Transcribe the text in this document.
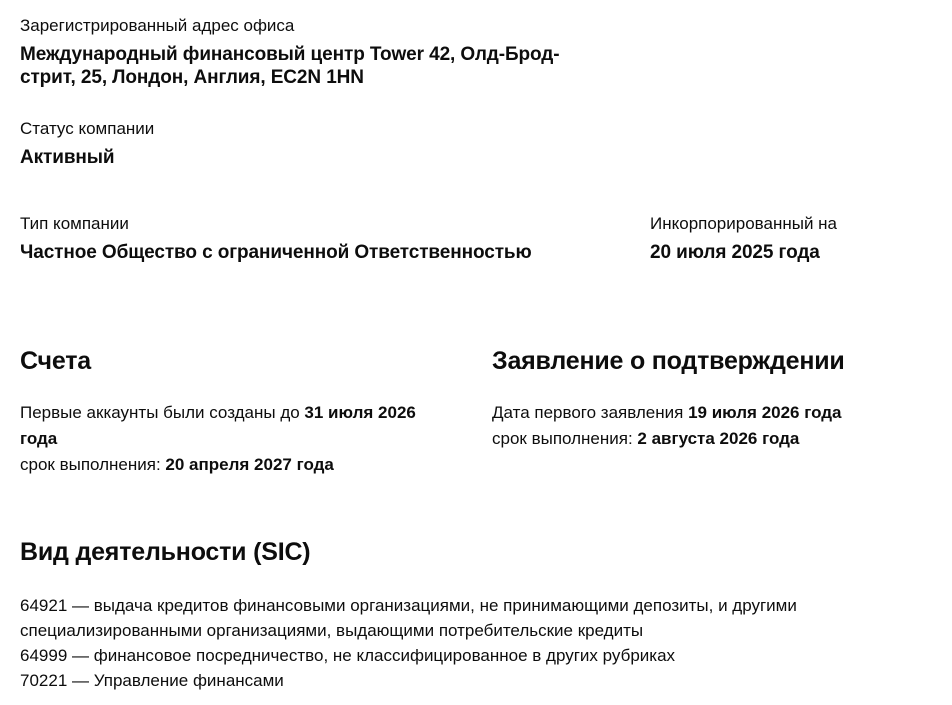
Зарегистрированный адрес офиса
Международный финансовый центр Tower 42, Олд-Брод-
стрит, 25, Лондон, Англия, EC2N 1HN
Статус компании
Активный
Тип компании
Частное Общество с ограниченной Ответственностью
Инкорпорированный на
20 июля 2025 года
Счета

Первые аккаунты были созданы до 31 июля 2026
года
срок выполнения: 20 апреля 2027 года

Заявление о подтверждении

Дата первого заявления 19 июля 2026 года
срок выполнения: 2 августа 2026 года

Вид деятельности (SIC)
64921 — выдача кредитов финансовыми организациями, не принимающими депозиты, и другими специализированными организациями, выдающими потребительские кредиты
64999 — финансовое посредничество, не классифицированное в других рубриках
70221 — Управление финансами
